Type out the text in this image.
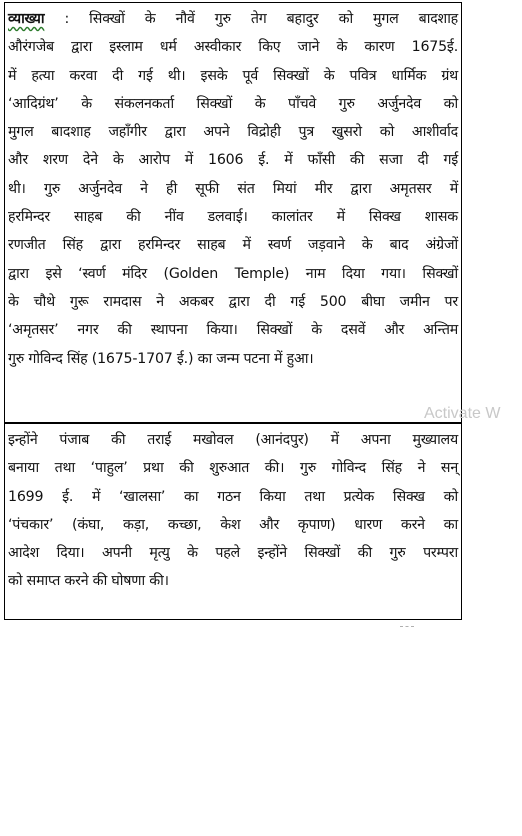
व्याख्या : सिक्खों के नौवें गुरु तेग बहादुर को मुगल बादशाह
औरंगजेब द्वारा इस्लाम धर्म अस्वीकार किए जाने के कारण 1675ई.
में हत्या करवा दी गई थी। इसके पूर्व सिक्खों के पवित्र धार्मिक ग्रंथ
‘आदिग्रंथ’ के संकलनकर्ता सिक्खों के पाँचवे गुरु अर्जुनदेव को
मुगल बादशाह जहाँगीर द्वारा अपने विद्रोही पुत्र खुसरो को आशीर्वाद
और शरण देने के आरोप में 1606 ई. में फाँसी की सजा दी गई
थी। गुरु अर्जुनदेव ने ही सूफी संत मियां मीर द्वारा अमृतसर में
हरमिन्दर साहब की नींव डलवाई। कालांतर में सिक्ख शासक
रणजीत सिंह द्वारा हरमिन्दर साहब में स्वर्ण जड़वाने के बाद अंग्रेजों
द्वारा इसे ‘स्वर्ण मंदिर (Golden Temple) नाम दिया गया। सिक्खों
के चौथे गुरू रामदास ने अकबर द्वारा दी गई 500 बीघा जमीन पर
‘अमृतसर’ नगर की स्थापना किया। सिक्खों के दसवें और अन्तिम
गुरु गोविन्द सिंह (1675-1707 ई.) का जन्म पटना में हुआ।
इन्होंने पंजाब की तराई मखोवल (आनंदपुर) में अपना मुख्यालय
बनाया तथा ‘पाहुल’ प्रथा की शुरुआत की। गुरु गोविन्द सिंह ने सन्
1699 ई. में ‘खालसा’ का गठन किया तथा प्रत्येक सिक्ख को
‘पंचकार’ (कंघा, कड़ा, कच्छा, केश और कृपाण) धारण करने का
आदेश दिया। अपनी मृत्यु के पहले इन्होंने सिक्खों की गुरु परम्परा
को समाप्त करने की घोषणा की।
Activate W
